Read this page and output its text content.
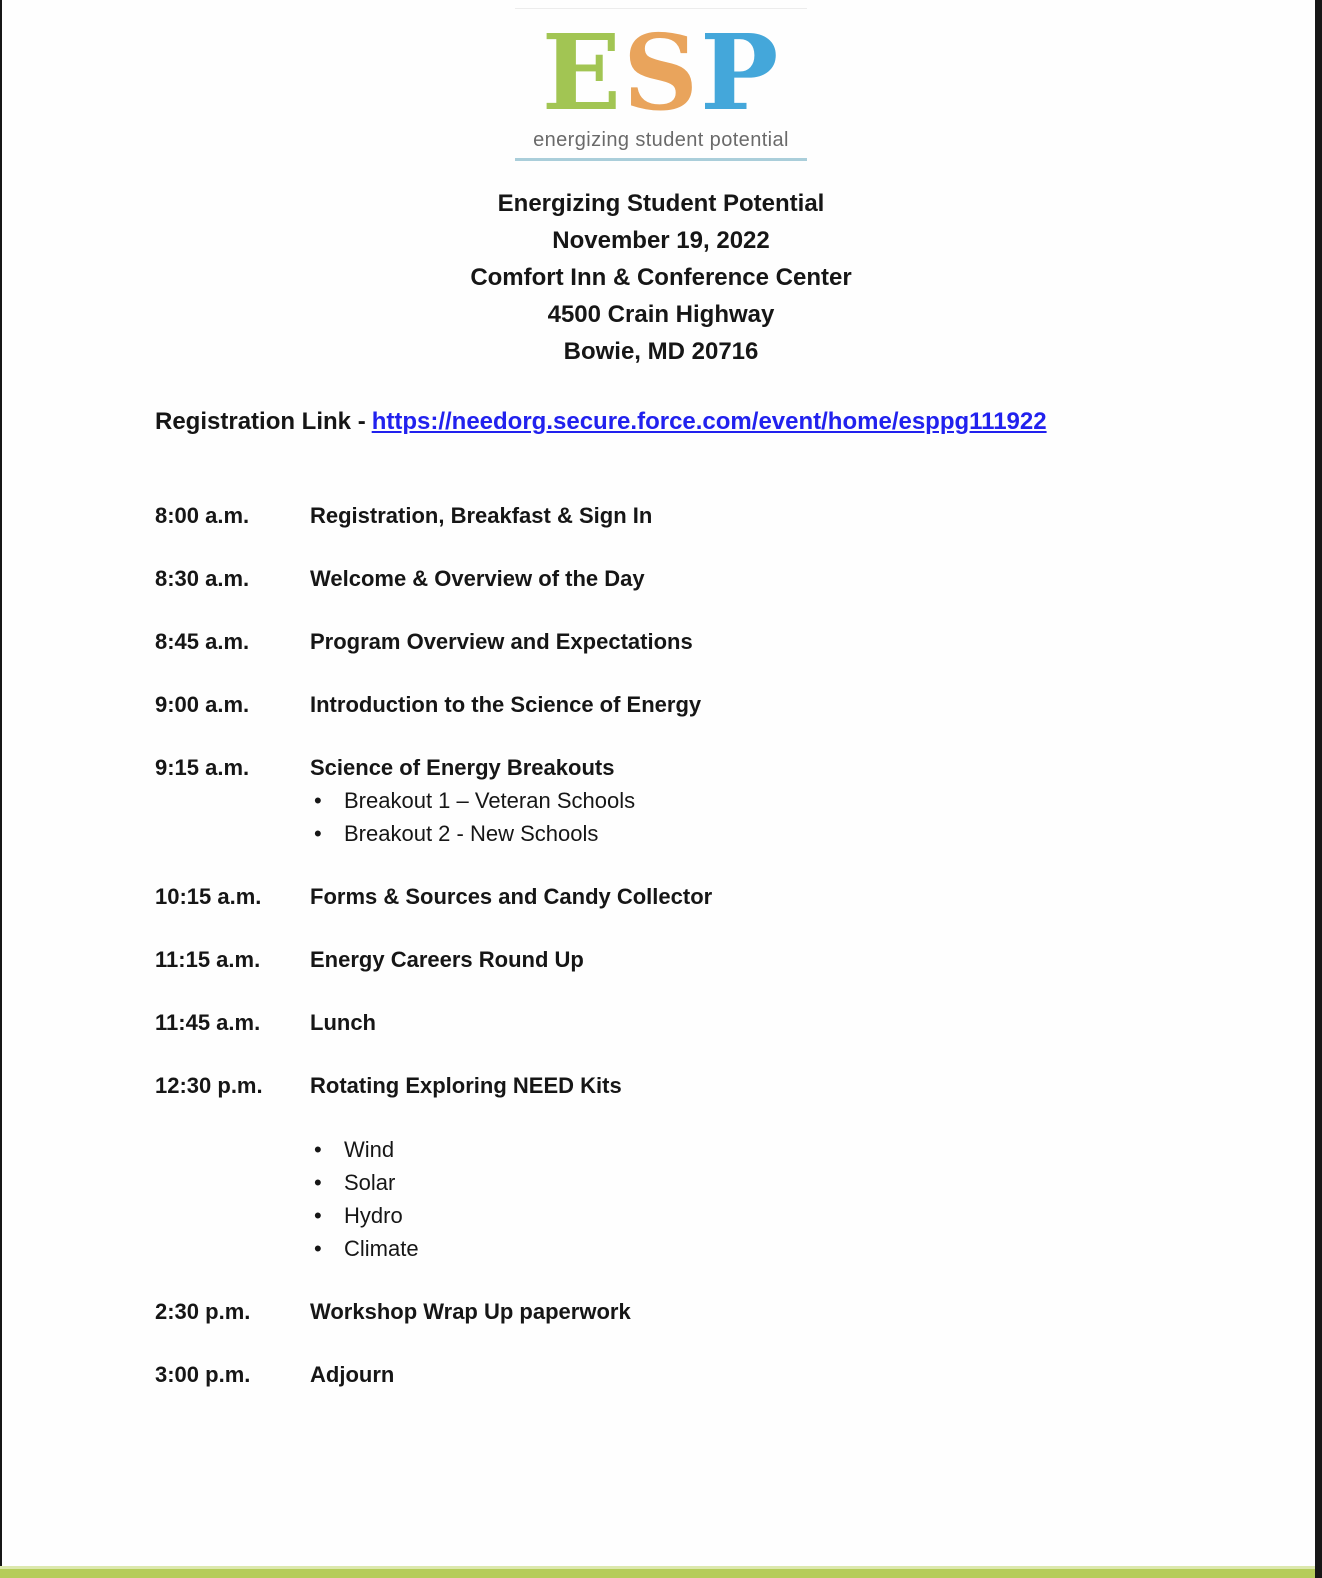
ESP
energizing student potential
Energizing Student Potential
November 19, 2022
Comfort Inn & Conference Center
4500 Crain Highway
Bowie, MD 20716
Registration Link - https://needorg.secure.force.com/event/home/esppg111922
8:00 a.m.	Registration, Breakfast & Sign In
8:30 a.m.	Welcome & Overview of the Day
8:45 a.m.	Program Overview and Expectations
9:00 a.m.	Introduction to the Science of Energy
9:15 a.m.	Science of Energy Breakouts
•	Breakout 1 – Veteran Schools
•	Breakout 2 - New Schools
10:15 a.m.	Forms & Sources and Candy Collector
11:15 a.m.	Energy Careers Round Up
11:45 a.m.	Lunch
12:30 p.m.	Rotating Exploring NEED Kits
•	Wind
•	Solar
•	Hydro
•	Climate
2:30 p.m.	Workshop Wrap Up paperwork
3:00 p.m.	Adjourn
